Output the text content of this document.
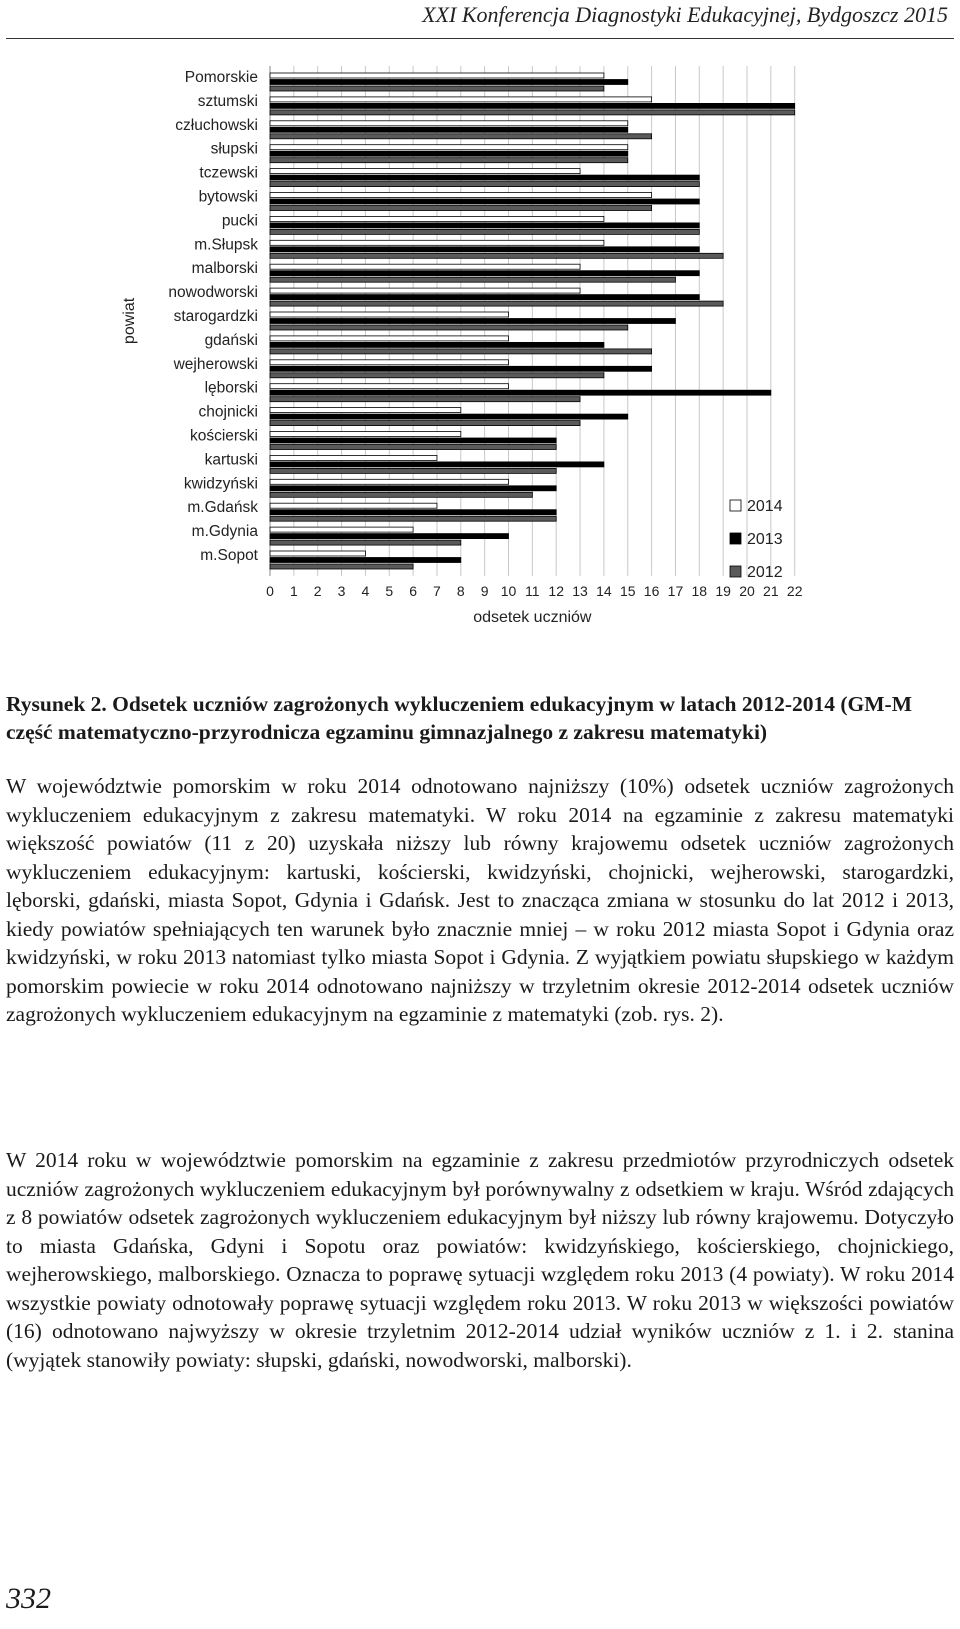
XXI Konferencja Diagnostyki Edukacyjnej, Bydgoszcz 2015
Pomorskie
sztumski
człuchowski
słupski
tczewski
bytowski
pucki
m.Słupsk
malborski
nowodworski
starogardzki
gdański
wejherowski
lęborski
chojnicki
kościerski
kartuski
kwidzyński
m.Gdańsk
m.Gdynia
m.Sopot
0 1 2 3 4 5 6 7 8 9 10 11 12 13 14 15 16 17 18 19 20 21 22
odsetek uczniów
powiat
2014
2013
2012

Rysunek 2. Odsetek uczniów zagrożonych wykluczeniem edukacyjnym w latach 2012-2014 (GM-M część matematyczno-przyrodnicza egzaminu gimnazjalnego z zakresu matematyki)

W województwie pomorskim w roku 2014 odnotowano najniższy (10%) odsetek uczniów zagrożonych wykluczeniem edukacyjnym z zakresu matematyki. W roku 2014 na egzaminie z zakresu matematyki większość powiatów (11 z 20) uzyskała niższy lub równy krajowemu odsetek uczniów zagrożonych wykluczeniem edukacyjnym: kartuski, kościerski, kwidzyński, chojnicki, wejherowski, starogardzki, lęborski, gdański, miasta Sopot, Gdynia i Gdańsk. Jest to znacząca zmiana w stosunku do lat 2012 i 2013, kiedy powiatów spełniających ten warunek było znacznie mniej – w roku 2012 miasta Sopot i Gdynia oraz kwidzyński, w roku 2013 natomiast tylko miasta Sopot i Gdynia. Z wyjątkiem powiatu słupskiego w każdym pomorskim powiecie w roku 2014 odnotowano najniższy w trzyletnim okresie 2012-2014 odsetek uczniów zagrożonych wykluczeniem edukacyjnym na egzaminie z matematyki (zob. rys. 2).

W 2014 roku w województwie pomorskim na egzaminie z zakresu przedmiotów przyrodniczych odsetek uczniów zagrożonych wykluczeniem edukacyjnym był porównywalny z odsetkiem w kraju. Wśród zdających z 8 powiatów odsetek zagrożonych wykluczeniem edukacyjnym był niższy lub równy krajowemu. Dotyczyło to miasta Gdańska, Gdyni i Sopotu oraz powiatów: kwidzyńskiego, kościerskiego, chojnickiego, wejherowskiego, malborskiego. Oznacza to poprawę sytuacji względem roku 2013 (4 powiaty). W roku 2014 wszystkie powiaty odnotowały poprawę sytuacji względem roku 2013. W roku 2013 w większości powiatów (16) odnotowano najwyższy w okresie trzyletnim 2012-2014 udział wyników uczniów z 1. i 2. stanina (wyjątek stanowiły powiaty: słupski, gdański, nowodworski, malborski).

332
